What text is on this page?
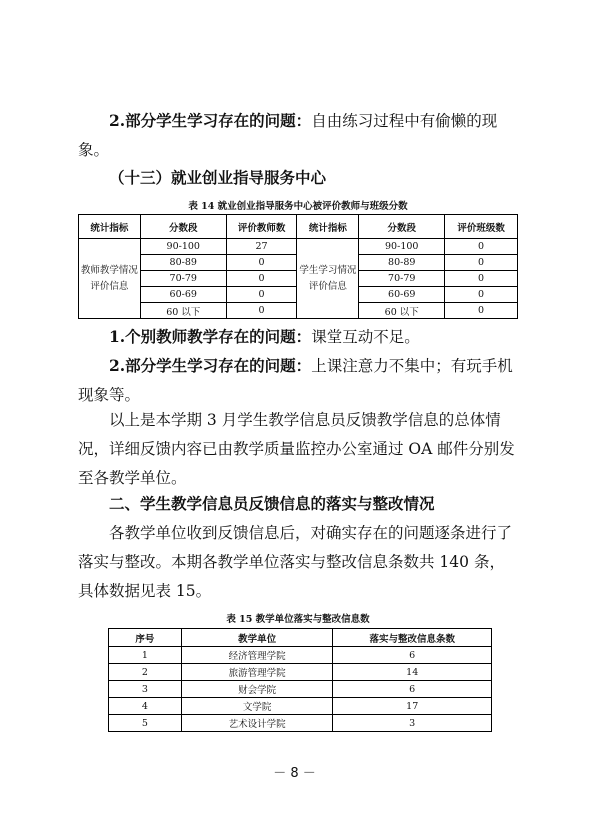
2.部分学生学习存在的问题：自由练习过程中有偷懒的现象。

（十三）就业创业指导服务中心

表 14 就业创业指导服务中心被评价教师与班级分数
统计指标	分数段	评价教师数	统计指标	分数段	评价班级数
教师教学情况评价信息	90-100	27	学生学习情况评价信息	90-100	0
	80-89	0		80-89	0
	70-79	0		70-79	0
	60-69	0		60-69	0
	60 以下	0		60 以下	0

1.个别教师教学存在的问题：课堂互动不足。

2.部分学生学习存在的问题：上课注意力不集中；有玩手机现象等。

以上是本学期 3 月学生教学信息员反馈教学信息的总体情况，详细反馈内容已由教学质量监控办公室通过 OA 邮件分别发至各教学单位。

二、学生教学信息员反馈信息的落实与整改情况

各教学单位收到反馈信息后，对确实存在的问题逐条进行了落实与整改。本期各教学单位落实与整改信息条数共 140 条，具体数据见表 15。

表 15 教学单位落实与整改信息数
序号	教学单位	落实与整改信息条数
1	经济管理学院	6
2	旅游管理学院	14
3	财会学院	6
4	文学院	17
5	艺术设计学院	3
－ 8 －
